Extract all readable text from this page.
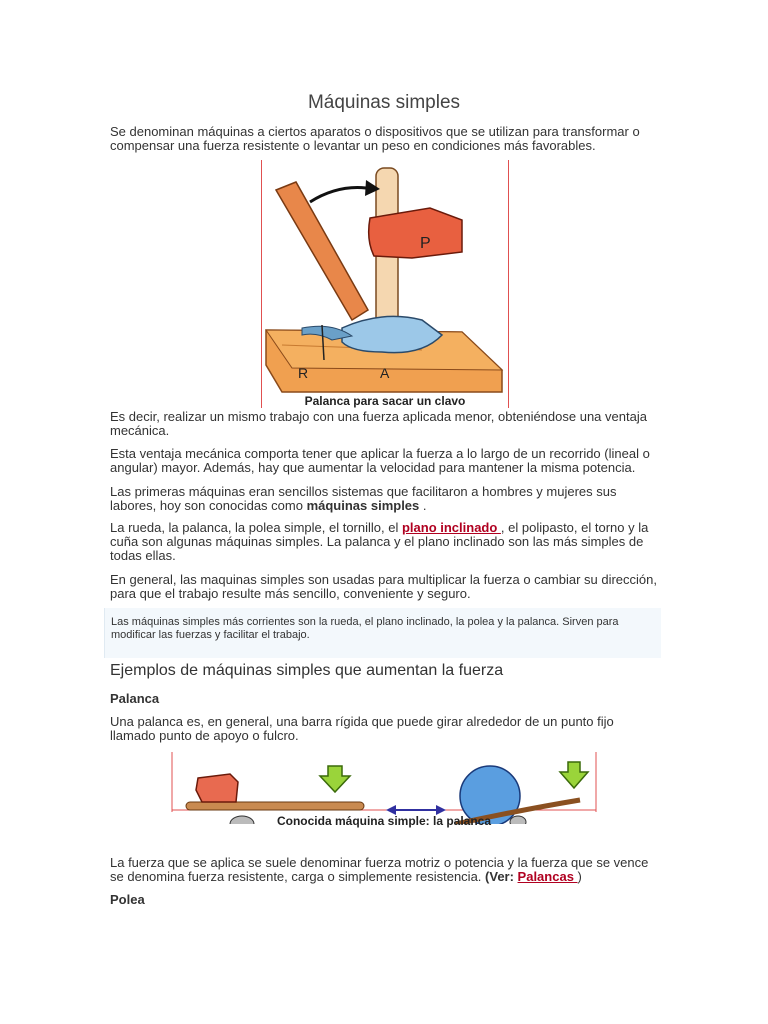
Máquinas simples

Se denominan máquinas a ciertos aparatos o dispositivos que se utilizan para transformar o compensar una fuerza resistente o levantar un peso en condiciones más favorables.

P
R	A
Palanca para sacar un clavo

Es decir, realizar un mismo trabajo con una fuerza aplicada menor, obteniéndose una ventaja mecánica.

Esta ventaja mecánica comporta tener que aplicar la fuerza a lo largo de un recorrido (lineal o angular) mayor. Además, hay que aumentar la velocidad para mantener la misma potencia.

Las primeras máquinas eran sencillos sistemas que facilitaron a hombres y mujeres sus labores, hoy son conocidas como máquinas simples .

La rueda, la palanca, la polea simple, el tornillo, el plano inclinado , el polipasto, el torno y la cuña son algunas máquinas simples. La palanca y el plano inclinado son las más simples de todas ellas.

En general, las maquinas simples son usadas para multiplicar la fuerza o cambiar su dirección, para que el trabajo resulte más sencillo, conveniente y seguro.

Las máquinas simples más corrientes son la rueda, el plano inclinado, la polea y la palanca. Sirven para modificar las fuerzas y facilitar el trabajo.

Ejemplos de máquinas simples que aumentan la fuerza

Palanca

Una palanca es, en general, una barra rígida que puede girar alrededor de un punto fijo llamado punto de apoyo o fulcro.

Conocida máquina simple: la palanca

La fuerza que se aplica se suele denominar fuerza motriz o potencia y la fuerza que se vence se denomina fuerza resistente, carga o simplemente resistencia. (Ver: Palancas )

Polea
